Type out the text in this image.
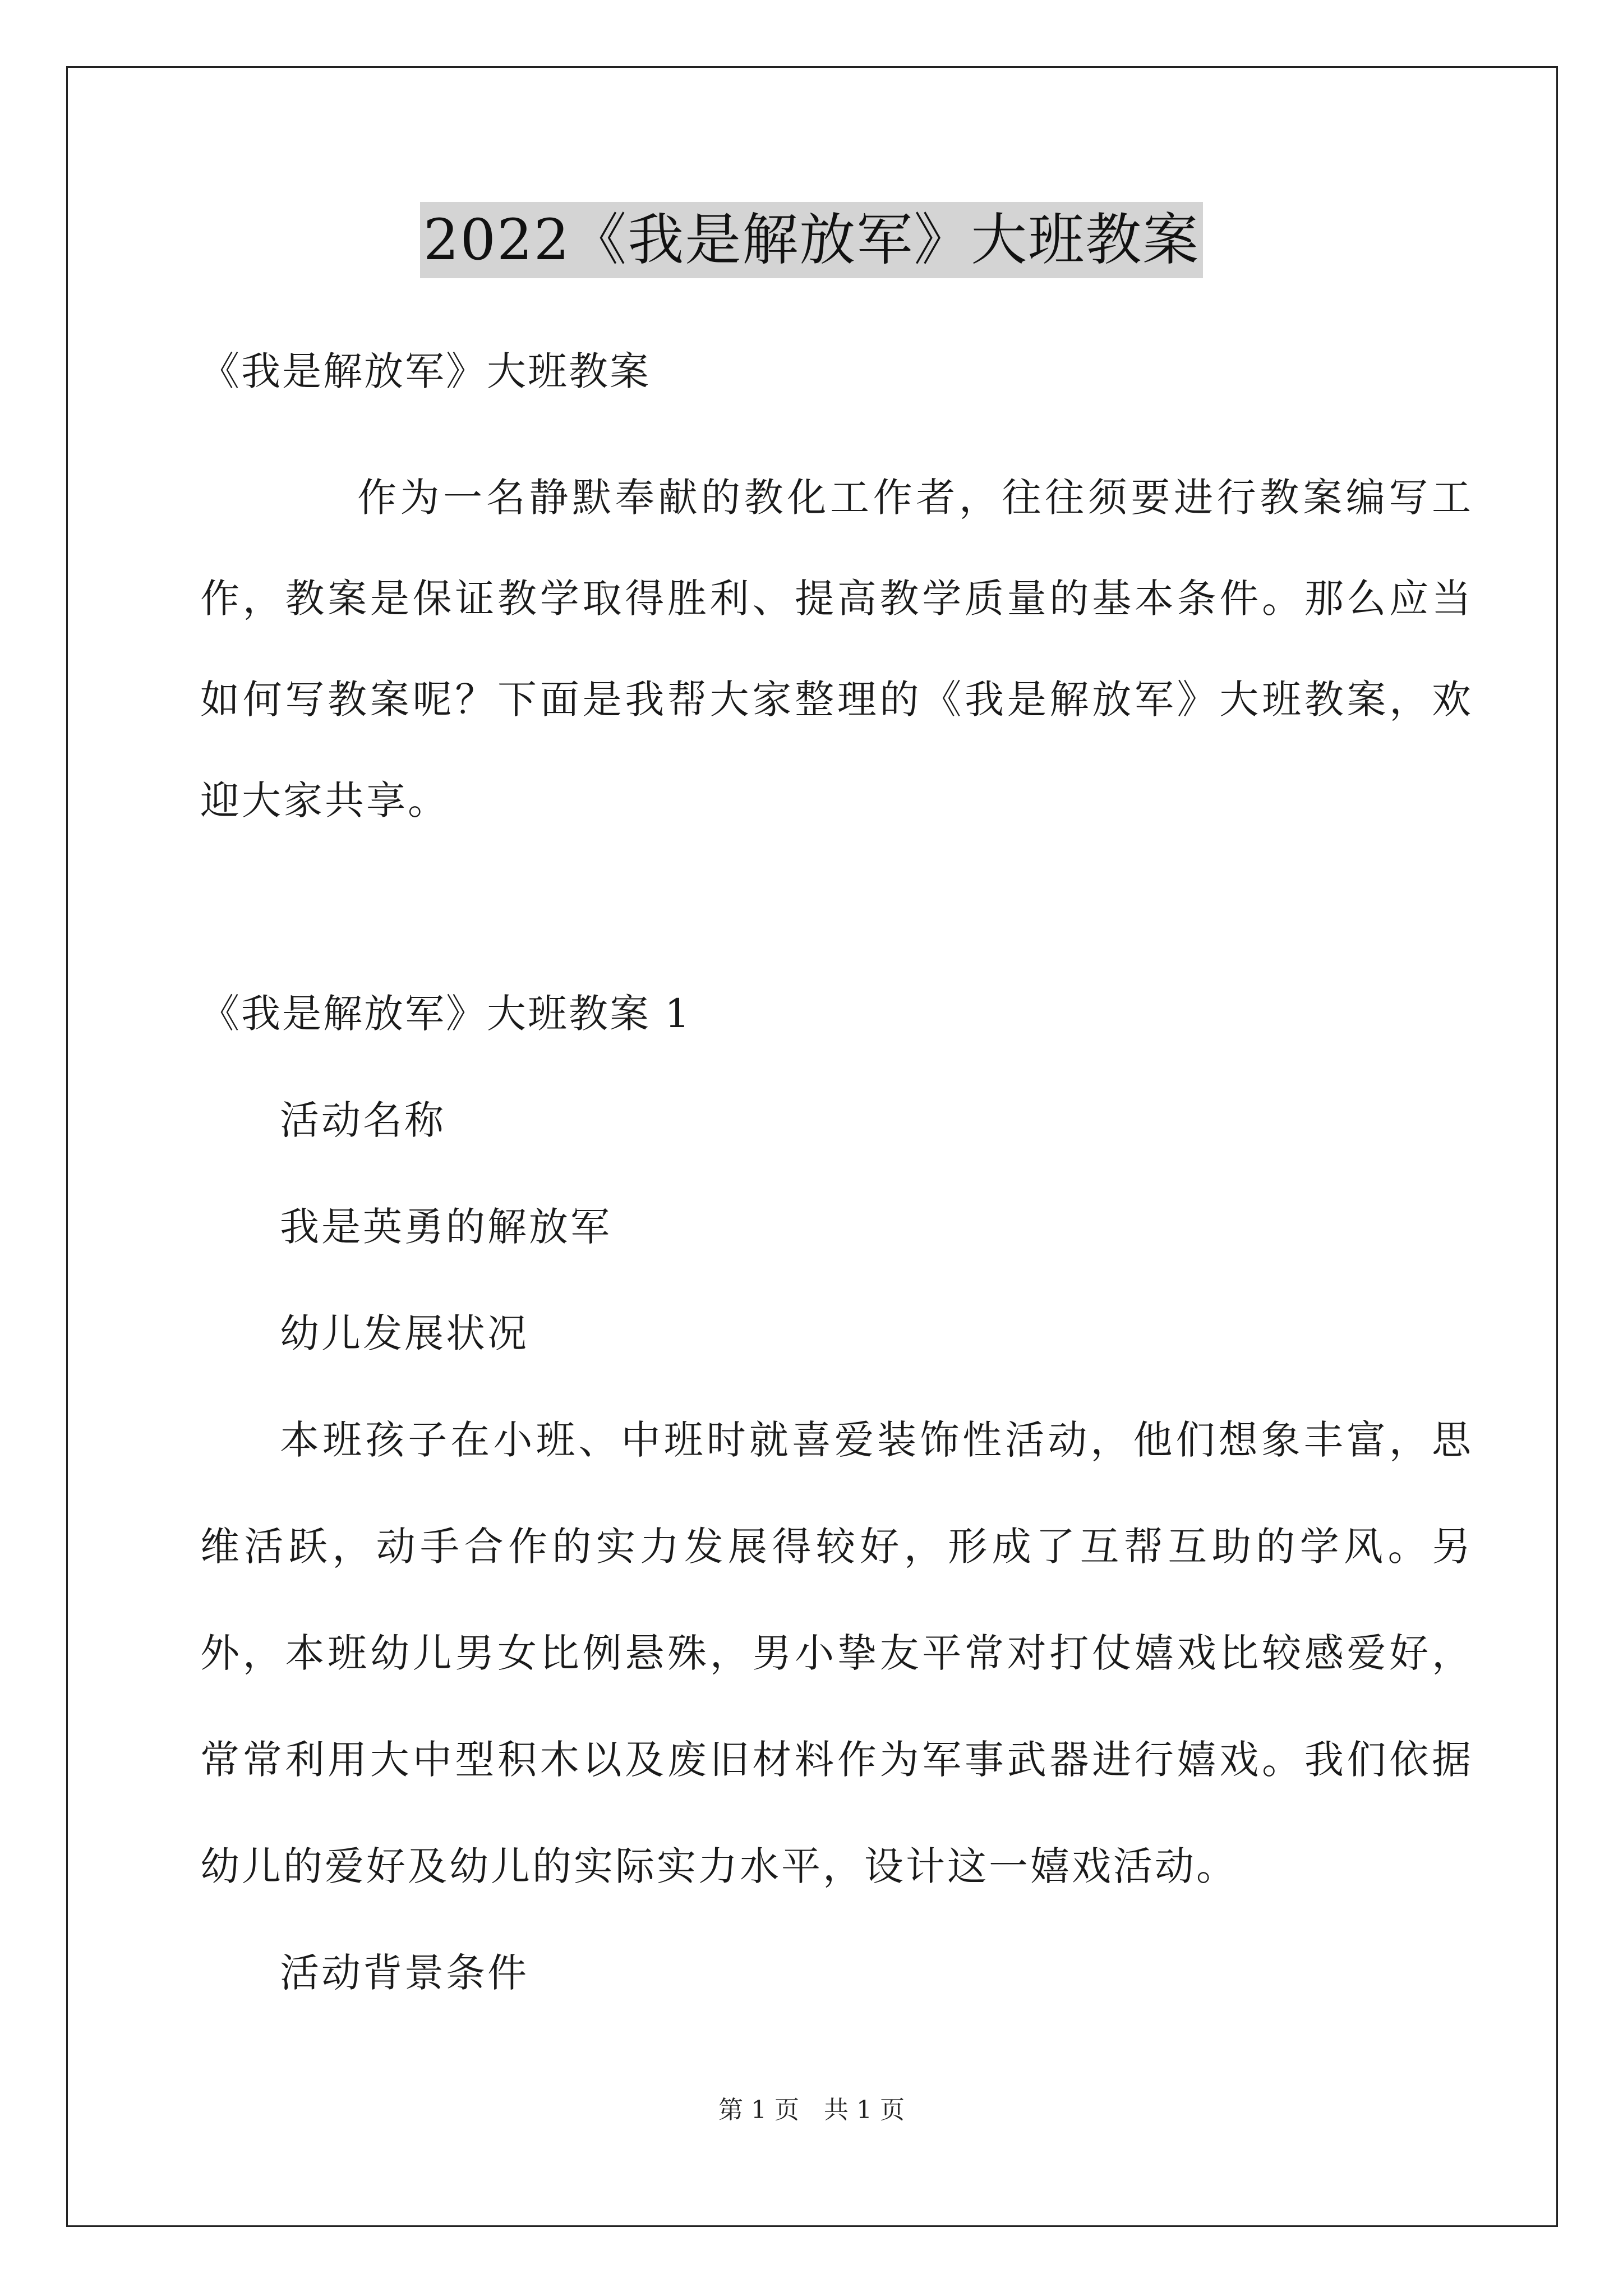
2022《我是解放军》大班教案
《我是解放军》大班教案

作为一名静默奉献的教化工作者，往往须要进行教案编写工作，教案是保证教学取得胜利、提高教学质量的基本条件。那么应当如何写教案呢？下面是我帮大家整理的《我是解放军》大班教案，欢迎大家共享。

《我是解放军》大班教案 1

活动名称

我是英勇的解放军

幼儿发展状况

本班孩子在小班、中班时就喜爱装饰性活动，他们想象丰富，思维活跃，动手合作的实力发展得较好，形成了互帮互助的学风。另外，本班幼儿男女比例悬殊，男小挚友平常对打仗嬉戏比较感爱好，常常利用大中型积木以及废旧材料作为军事武器进行嬉戏。我们依据幼儿的爱好及幼儿的实际实力水平，设计这一嬉戏活动。

活动背景条件

第 1 页　共 1 页
